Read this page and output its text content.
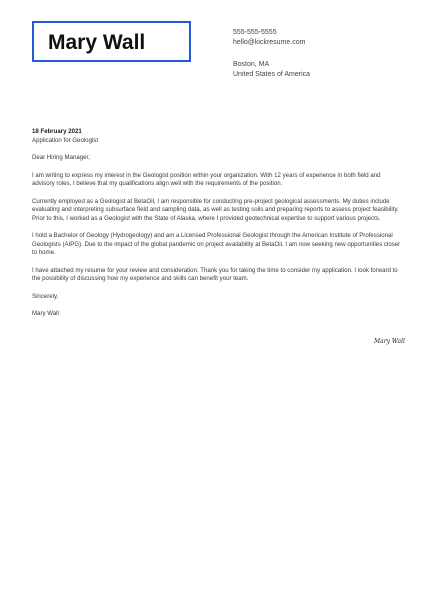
Mary Wall	555-555-5555
hello@kickresume.com
Boston, MA
United States of America
18 February 2021
Application for Geologist

Dear Hiring Manager,

I am writing to express my interest in the Geologist position within your organization. With 12 years of experience in both field and advisory roles, I believe that my qualifications align well with the requirements of the position.

Currently employed as a Geologist at BetaOil, I am responsible for conducting pre-project geological assessments. My duties include evaluating and interpreting subsurface field and sampling data, as well as testing soils and preparing reports to assess project feasibility. Prior to this, I worked as a Geologist with the State of Alaska, where I provided geotechnical expertise to support various projects.

I hold a Bachelor of Geology (Hydrogeology) and am a Licensed Professional Geologist through the American Institute of Professional Geologists (AIPG). Due to the impact of the global pandemic on project availability at BetaOil, I am now seeking new opportunities closer to home.

I have attached my resume for your review and consideration. Thank you for taking the time to consider my application. I look forward to the possibility of discussing how my experience and skills can benefit your team.

Sincerely,

Mary Wall

Mary Wall
